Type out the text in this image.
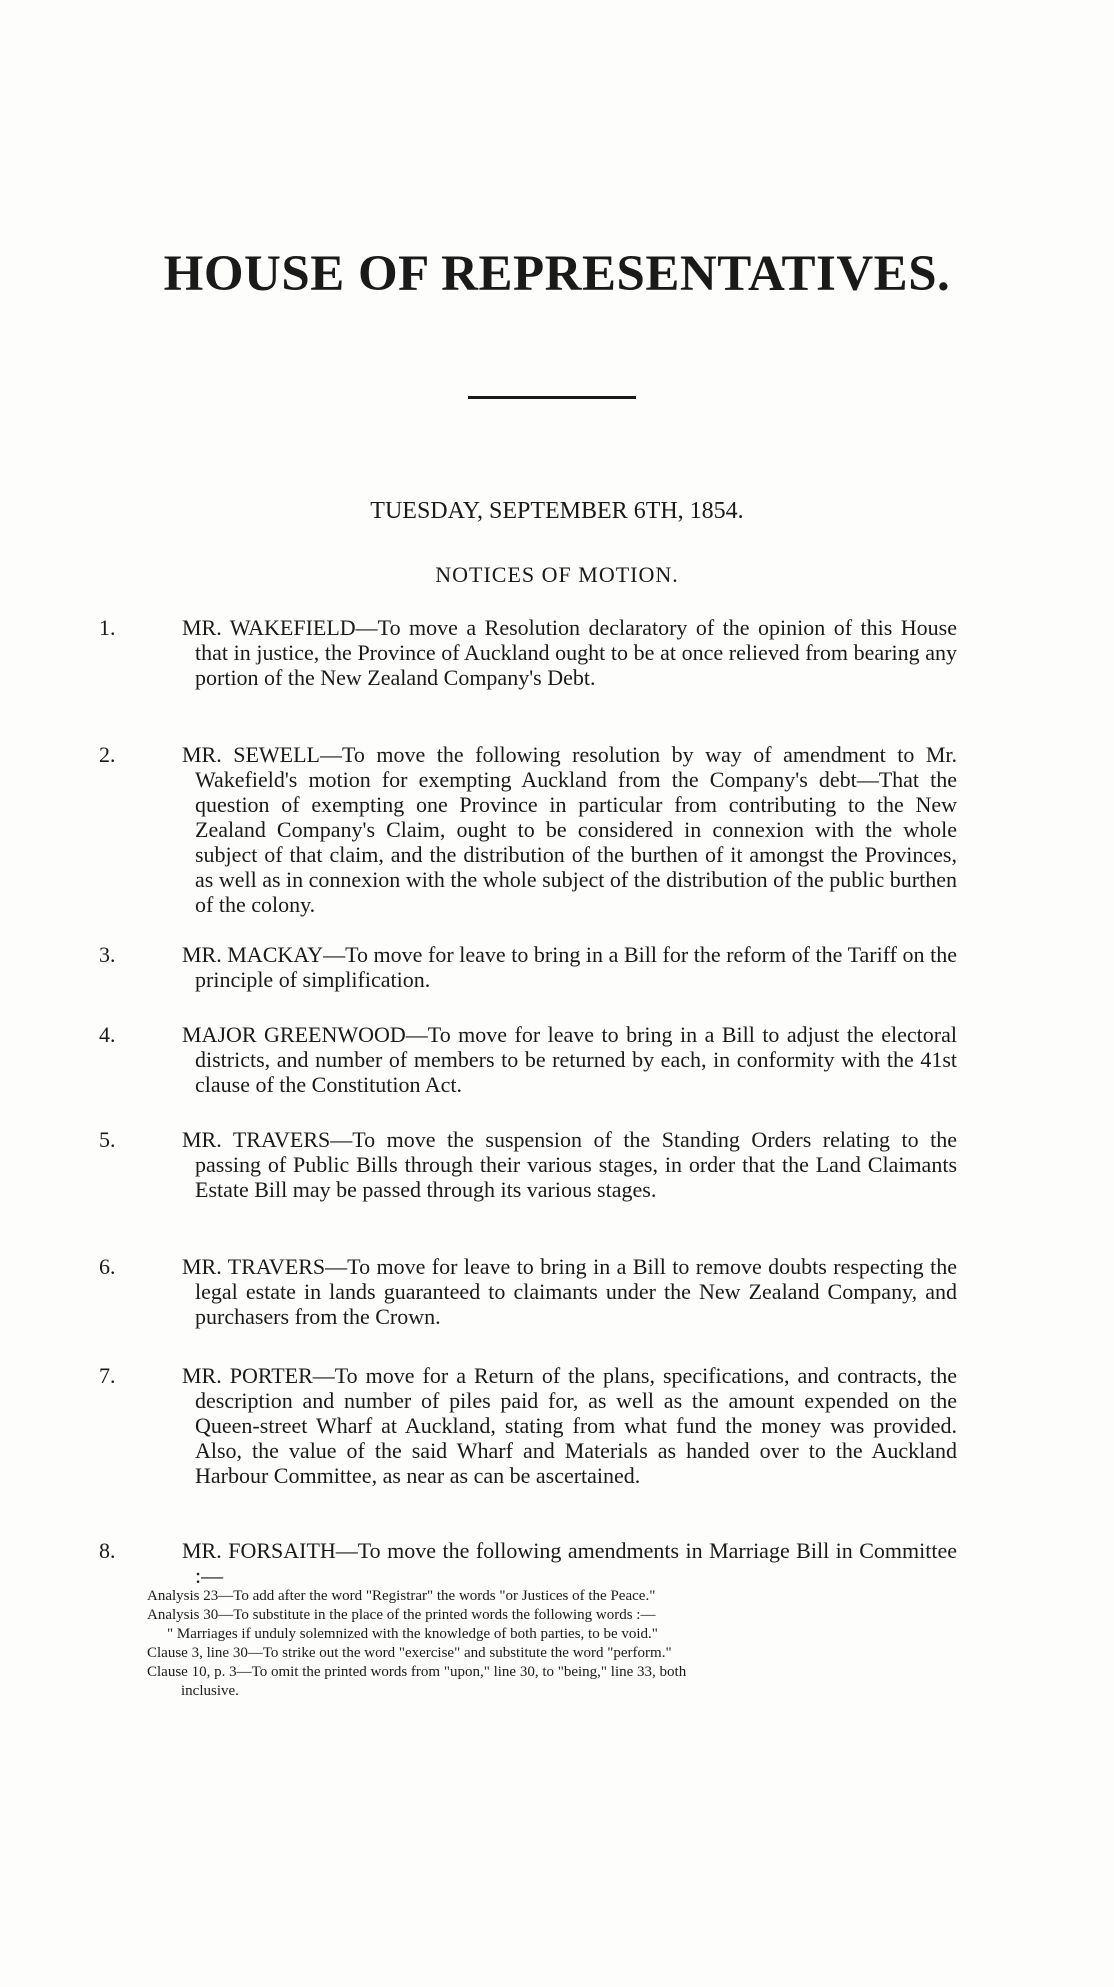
HOUSE OF REPRESENTATIVES.

TUESDAY, SEPTEMBER 6TH, 1854.

NOTICES OF MOTION.

1.	MR. WAKEFIELD—To move a Resolution declaratory of the opinion of this House that in justice, the Province of Auckland ought to be at once relieved from bearing any portion of the New Zealand Company's Debt.
2.	MR. SEWELL—To move the following resolution by way of amendment to Mr. Wakefield's motion for exempting Auckland from the Company's debt—That the question of exempting one Province in particular from contributing to the New Zealand Company's Claim, ought to be considered in connexion with the whole subject of that claim, and the distribution of the burthen of it amongst the Provinces, as well as in connexion with the whole subject of the distribution of the public burthen of the colony.
3.	MR. MACKAY—To move for leave to bring in a Bill for the reform of the Tariff on the principle of simplification.
4.	MAJOR GREENWOOD—To move for leave to bring in a Bill to adjust the electoral districts, and number of members to be returned by each, in conformity with the 41st clause of the Constitution Act.
5.	MR. TRAVERS—To move the suspension of the Standing Orders relating to the passing of Public Bills through their various stages, in order that the Land Claimants Estate Bill may be passed through its various stages.
6.	MR. TRAVERS—To move for leave to bring in a Bill to remove doubts respecting the legal estate in lands guaranteed to claimants under the New Zealand Company, and purchasers from the Crown.
7.	MR. PORTER—To move for a Return of the plans, specifications, and contracts, the description and number of piles paid for, as well as the amount expended on the Queen-street Wharf at Auckland, stating from what fund the money was provided. Also, the value of the said Wharf and Materials as handed over to the Auckland Harbour Committee, as near as can be ascertained.
8.	MR. FORSAITH—To move the following amendments in Marriage Bill in Committee :—
Analysis 23—To add after the word "Registrar" the words "or Justices of the Peace."
Analysis 30—To substitute in the place of the printed words the following words :—
" Marriages if unduly solemnized with the knowledge of both parties, to be void."
Clause 3, line 30—To strike out the word "exercise" and substitute the word "perform."
Clause 10, p. 3—To omit the printed words from "upon," line 30, to "being," line 33, both
inclusive.
